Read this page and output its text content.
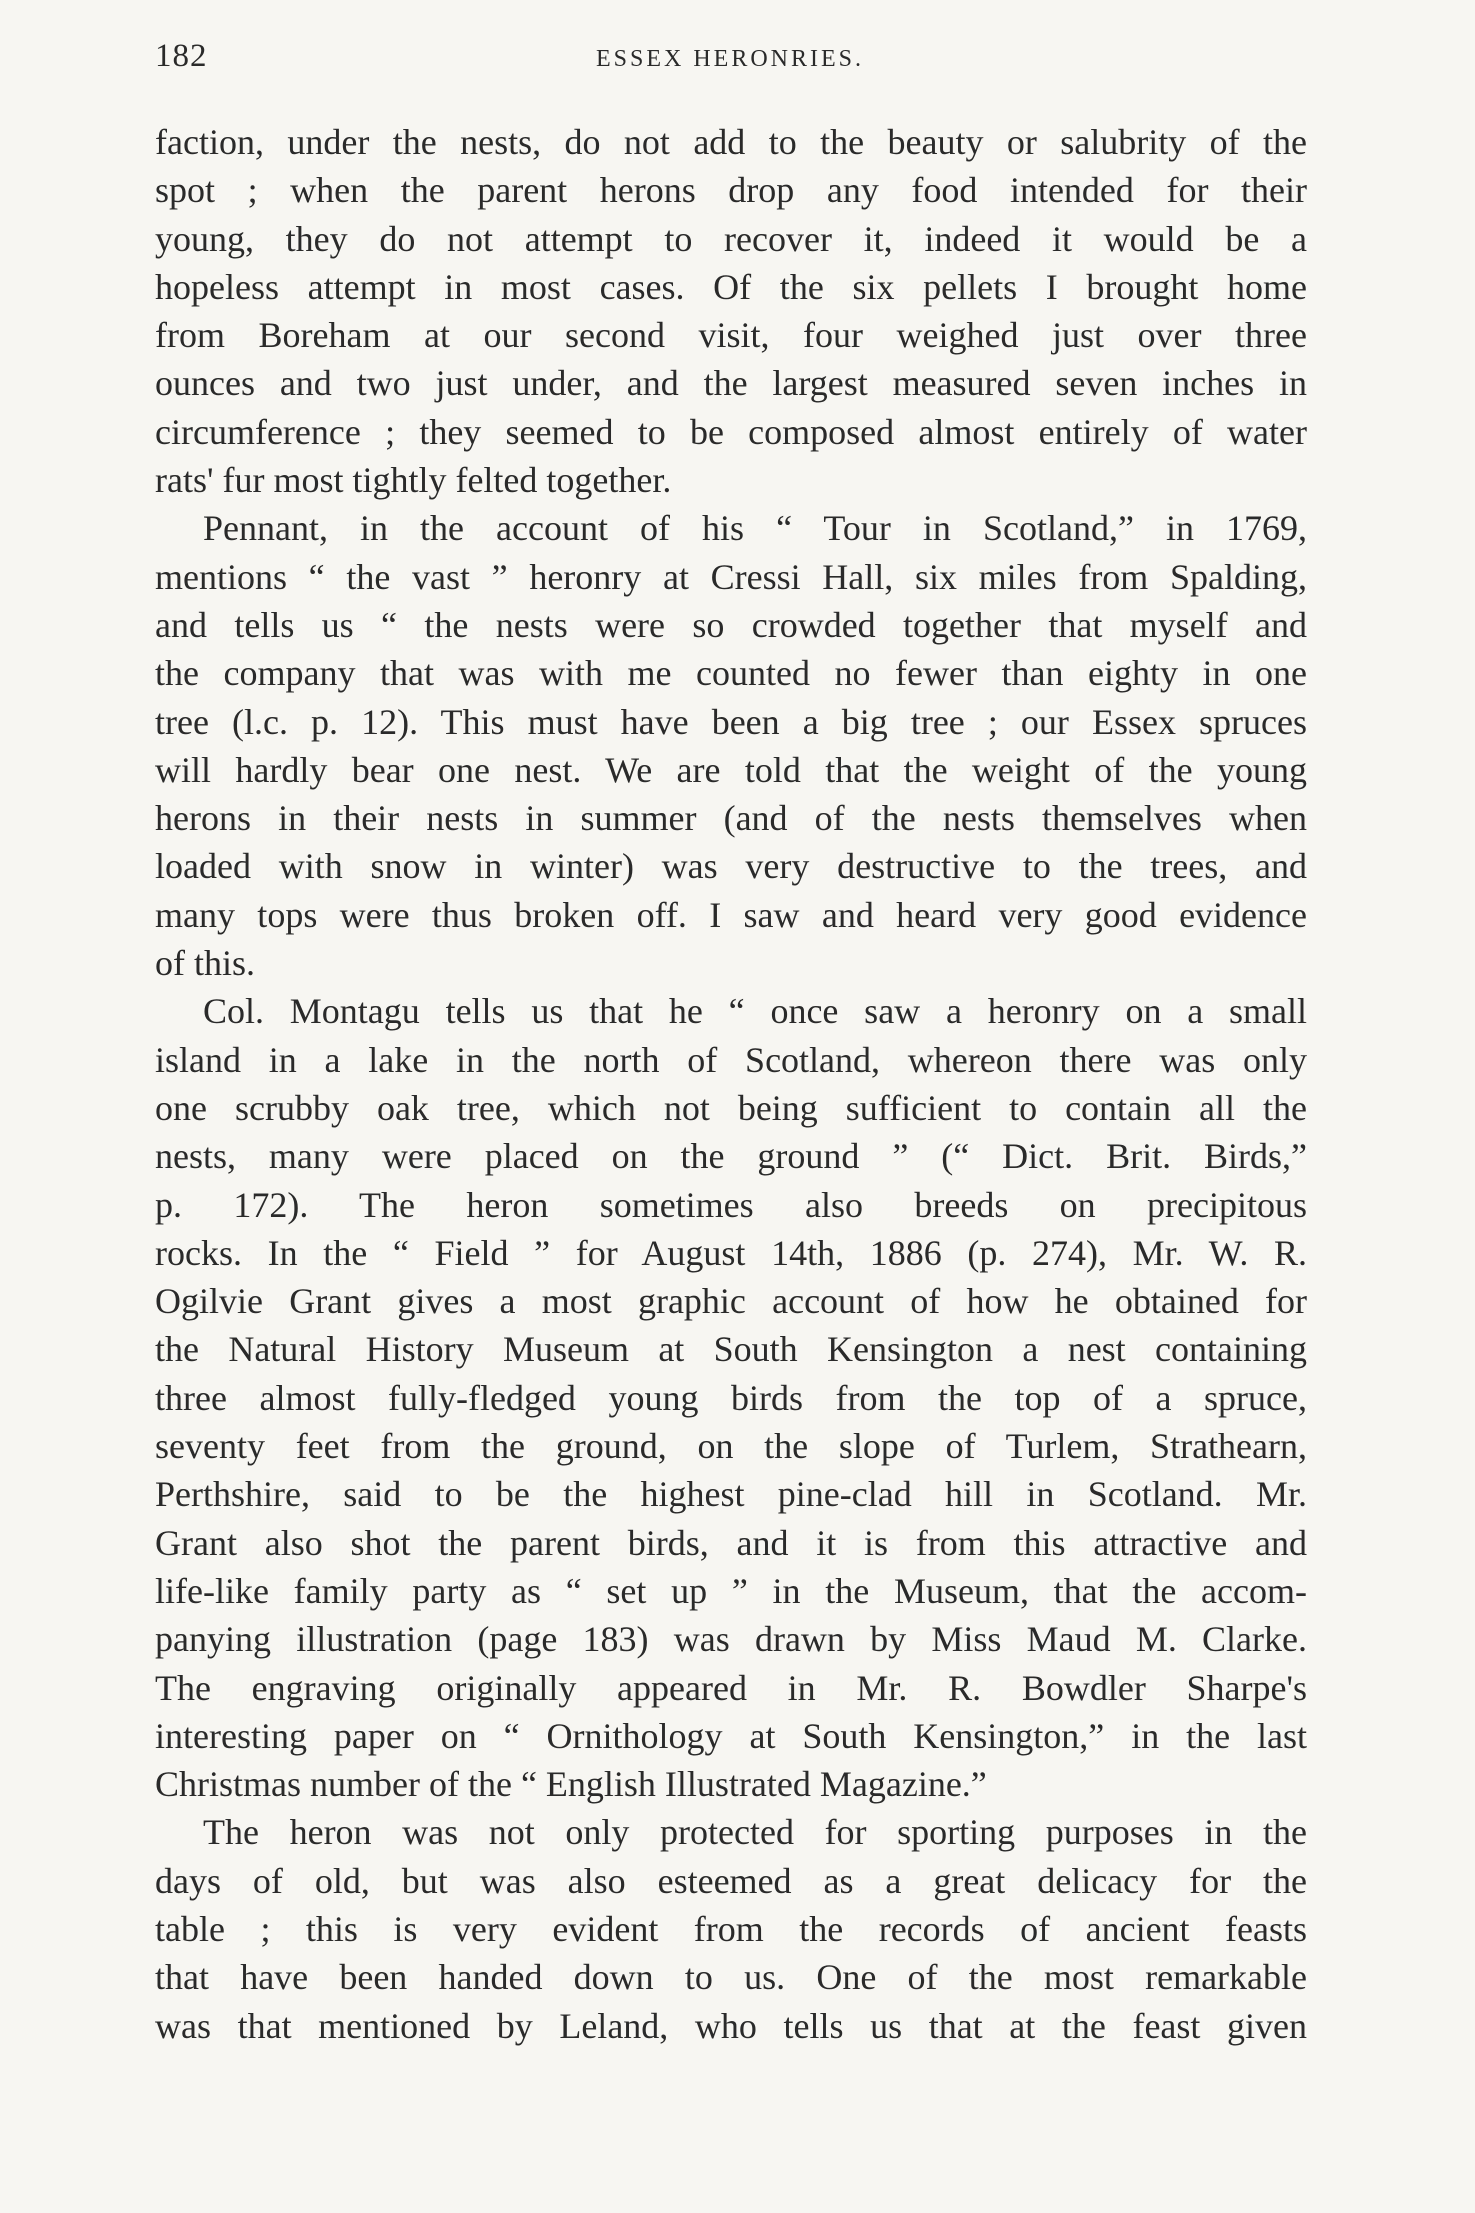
182	ESSEX HERONRIES.
faction, under the nests, do not add to the beauty or salubrity of the
spot ; when the parent herons drop any food intended for their
young, they do not attempt to recover it, indeed it would be a
hopeless attempt in most cases. Of the six pellets I brought home
from Boreham at our second visit, four weighed just over three
ounces and two just under, and the largest measured seven inches in
circumference ; they seemed to be composed almost entirely of water
rats' fur most tightly felted together.
Pennant, in the account of his “ Tour in Scotland,” in 1769,
mentions “ the vast ” heronry at Cressi Hall, six miles from Spalding,
and tells us “ the nests were so crowded together that myself and
the company that was with me counted no fewer than eighty in one
tree (l.c. p. 12). This must have been a big tree ; our Essex spruces
will hardly bear one nest. We are told that the weight of the young
herons in their nests in summer (and of the nests themselves when
loaded with snow in winter) was very destructive to the trees, and
many tops were thus broken off. I saw and heard very good evidence
of this.
Col. Montagu tells us that he “ once saw a heronry on a small
island in a lake in the north of Scotland, whereon there was only
one scrubby oak tree, which not being sufficient to contain all the
nests, many were placed on the ground ” (“ Dict. Brit. Birds,”
p. 172). The heron sometimes also breeds on precipitous
rocks. In the “ Field ” for August 14th, 1886 (p. 274), Mr. W. R.
Ogilvie Grant gives a most graphic account of how he obtained for
the Natural History Museum at South Kensington a nest containing
three almost fully-fledged young birds from the top of a spruce,
seventy feet from the ground, on the slope of Turlem, Strathearn,
Perthshire, said to be the highest pine-clad hill in Scotland. Mr.
Grant also shot the parent birds, and it is from this attractive and
life-like family party as “ set up ” in the Museum, that the accom-
panying illustration (page 183) was drawn by Miss Maud M. Clarke.
The engraving originally appeared in Mr. R. Bowdler Sharpe's
interesting paper on “ Ornithology at South Kensington,” in the last
Christmas number of the “ English Illustrated Magazine.”
The heron was not only protected for sporting purposes in the
days of old, but was also esteemed as a great delicacy for the
table ; this is very evident from the records of ancient feasts
that have been handed down to us. One of the most remarkable
was that mentioned by Leland, who tells us that at the feast given
